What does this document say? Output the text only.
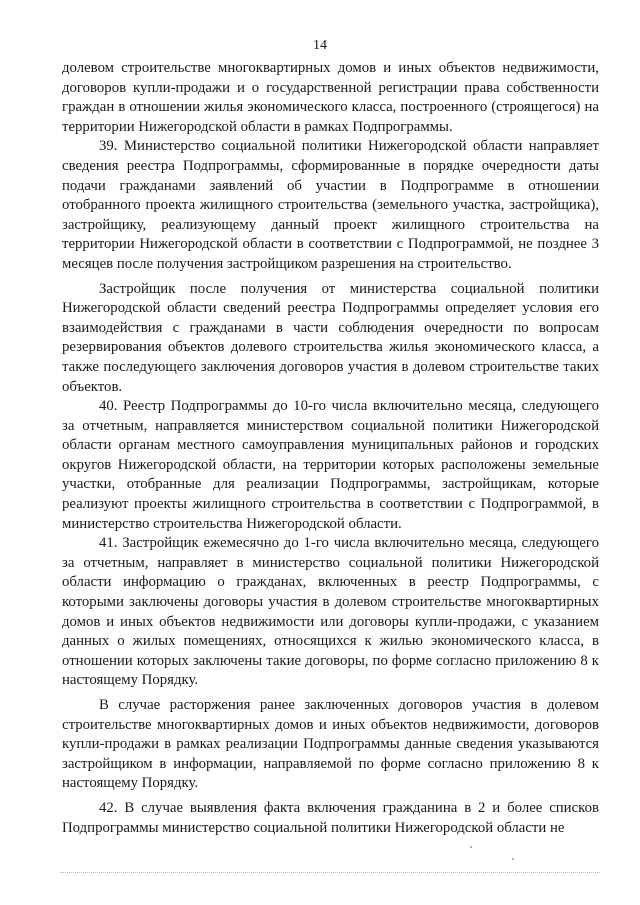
14

долевом строительстве многоквартирных домов и иных объектов недвижимости, договоров купли-продажи и о государственной регистрации права собственности граждан в отношении жилья экономического класса, построенного (строящегося) на территории Нижегородской области в рамках Подпрограммы.

39. Министерство социальной политики Нижегородской области направляет сведения реестра Подпрограммы, сформированные в порядке очередности даты подачи гражданами заявлений об участии в Подпрограмме в отношении отобранного проекта жилищного строительства (земельного участка, застройщика), застройщику, реализующему данный проект жилищного строительства на территории Нижегородской области в соответствии с Подпрограммой, не позднее 3 месяцев после получения застройщиком разрешения на строительство.

Застройщик после получения от министерства социальной политики Нижегородской области сведений реестра Подпрограммы определяет условия его взаимодействия с гражданами в части соблюдения очередности по вопросам резервирования объектов долевого строительства жилья экономического класса, а также последующего заключения договоров участия в долевом строительстве таких объектов.

40. Реестр Подпрограммы до 10-го числа включительно месяца, следующего за отчетным, направляется министерством социальной политики Нижегородской области органам местного самоуправления муниципальных районов и городских округов Нижегородской области, на территории которых расположены земельные участки, отобранные для реализации Подпрограммы, застройщикам, которые реализуют проекты жилищного строительства в соответствии с Подпрограммой, в министерство строительства Нижегородской области.

41. Застройщик ежемесячно до 1-го числа включительно месяца, следующего за отчетным, направляет в министерство социальной политики Нижегородской области информацию о гражданах, включенных в реестр Подпрограммы, с которыми заключены договоры участия в долевом строительстве многоквартирных домов и иных объектов недвижимости или договоры купли-продажи, с указанием данных о жилых помещениях, относящихся к жилью экономического класса, в отношении которых заключены такие договоры, по форме согласно приложению 8 к настоящему Порядку.

В случае расторжения ранее заключенных договоров участия в долевом строительстве многоквартирных домов и иных объектов недвижимости, договоров купли-продажи в рамках реализации Подпрограммы данные сведения указываются застройщиком в информации, направляемой по форме согласно приложению 8 к настоящему Порядку.

42. В случае выявления факта включения гражданина в 2 и более списков Подпрограммы министерство социальной политики Нижегородской области не
